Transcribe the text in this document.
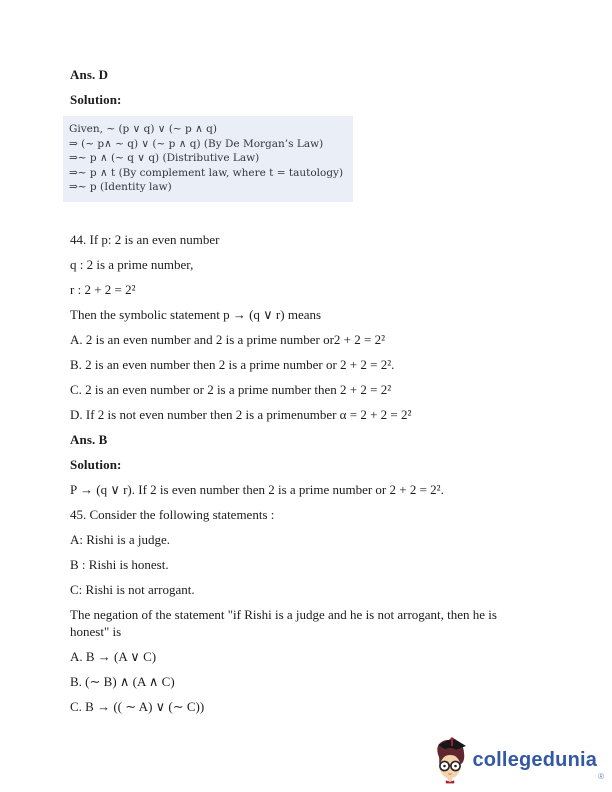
Ans. D

Solution:

Given, ∼ (p ∨ q) ∨ (∼ p ∧ q)
⇒ (∼ p∧ ∼ q) ∨ (∼ p ∧ q) (By De Morgan’s Law)
⇒∼ p ∧ (∼ q ∨ q) (Distributive Law)
⇒∼ p ∧ t (By complement law, where t = tautology)
⇒∼ p (Identity law)

44. If p: 2 is an even number

q : 2 is a prime number,

r : 2 + 2 = 2²

Then the symbolic statement p → (q ∨ r) means

A. 2 is an even number and 2 is a prime number or2 + 2 = 2²

B. 2 is an even number then 2 is a prime number or 2 + 2 = 2².

C. 2 is an even number or 2 is a prime number then 2 + 2 = 2²

D. If 2 is not even number then 2 is a primenumber α = 2 + 2 = 2²

Ans. B

Solution:

P → (q ∨ r). If 2 is even number then 2 is a prime number or 2 + 2 = 2².

45. Consider the following statements :

A: Rishi is a judge.

B : Rishi is honest.

C: Rishi is not arrogant.

The negation of the statement "if Rishi is a judge and he is not arrogant, then he is honest" is

A. B → (A ∨ C)

B. (∼ B) ∧ (A ∧ C)

C. B → (( ∼ A) ∨ (∼ C))

collegedunia
®
